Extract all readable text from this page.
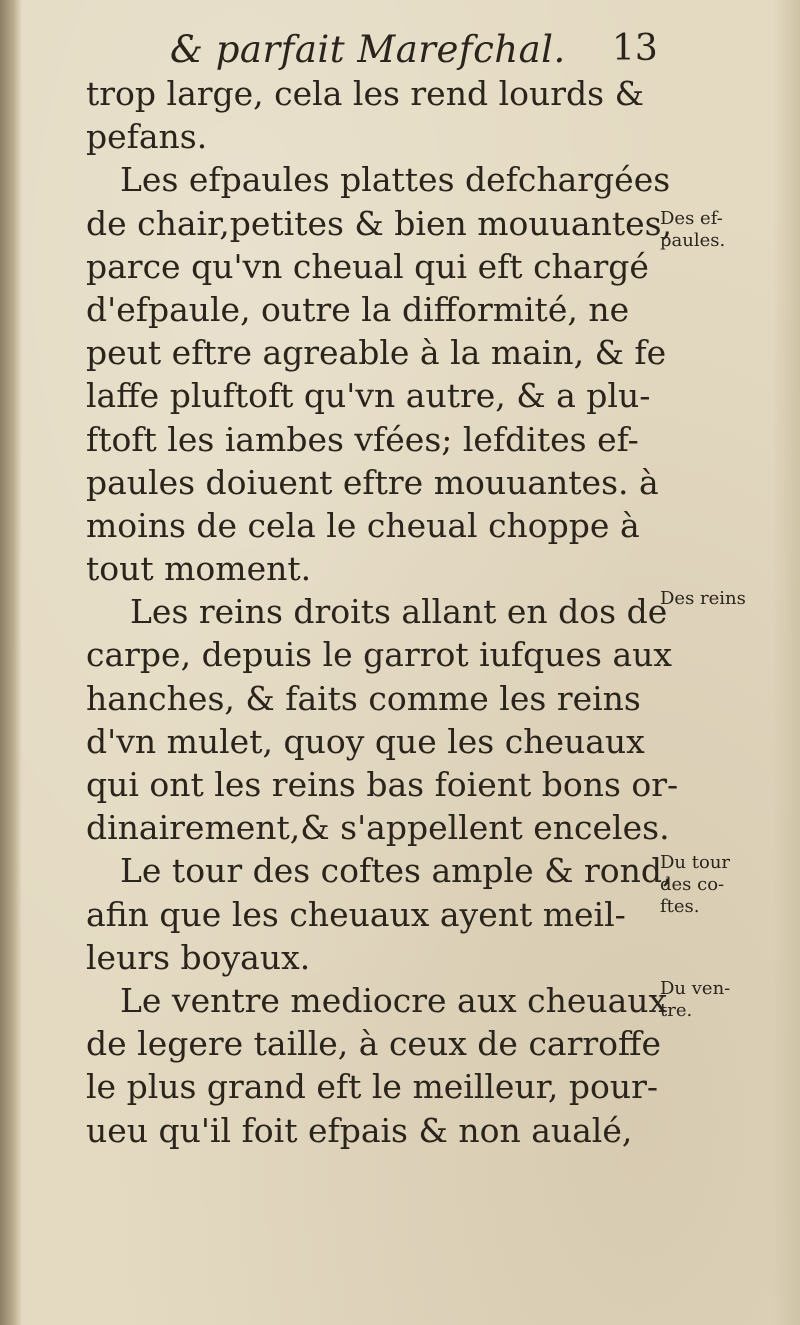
& parfait Marefchal. 13
trop large, cela les rend lourds &
pefans.
Les efpaules plattes defchargées
de chair,petites & bien mouuantes,
parce qu'vn cheual qui eft chargé
d'efpaule, outre la difformité, ne
peut eftre agreable à la main, & fe
laffe pluftoft qu'vn autre, & a plu-
ftoft les iambes vfées; lefdites ef-
paules doiuent eftre mouuantes. à
moins de cela le cheual choppe à
tout moment.
Les reins droits allant en dos de
carpe, depuis le garrot iufques aux
hanches, & faits comme les reins
d'vn mulet, quoy que les cheuaux
qui ont les reins bas foient bons or-
dinairement,& s'appellent enceles.
Le tour des coftes ample & rond,
afin que les cheuaux ayent meil-
leurs boyaux.
Le ventre mediocre aux cheuaux
de legere taille, à ceux de carroffe
le plus grand eft le meilleur, pour-
ueu qu'il foit efpais & non aualé,
Des ef-
paules.
Des reins
Du tour
des co-
ftes.
Du ven-
tre.
